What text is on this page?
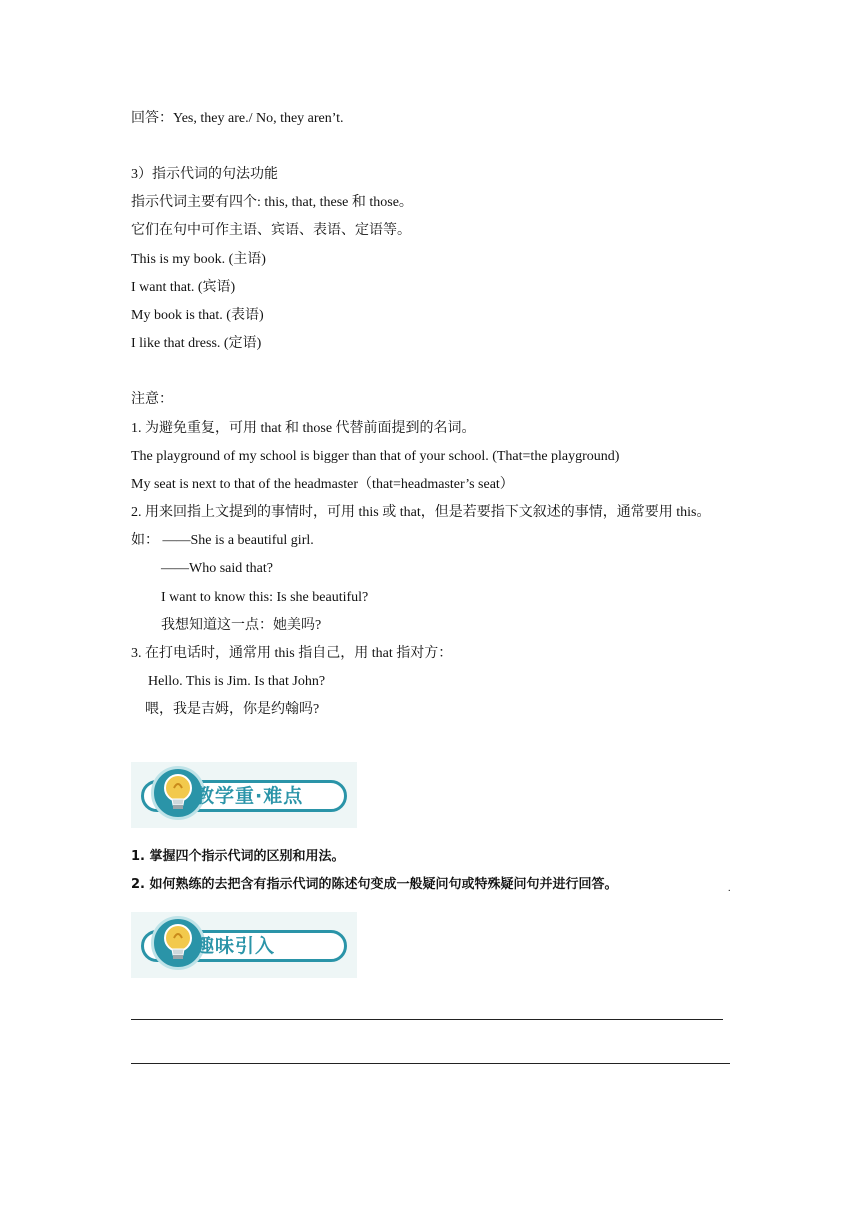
回答：Yes, they are./ No, they aren’t.
3）指示代词的句法功能
指示代词主要有四个: this, that, these 和 those。
它们在句中可作主语、宾语、表语、定语等。
This is my book. (主语)
I want that. (宾语)
My book is that. (表语)
I like that dress. (定语)
注意：
1. 为避免重复，可用 that 和 those 代替前面提到的名词。
The playground of my school is bigger than that of your school. (That=the playground)
My seat is next to that of the headmaster（that=headmaster’s seat）
2. 用来回指上文提到的事情时，可用 this 或 that，但是若要指下文叙述的事情，通常要用 this。
如： ——She is a beautiful girl.
——Who said that?
I want to know this: Is she beautiful?
我想知道这一点：她美吗?
3. 在打电话时，通常用 this 指自己，用 that 指对方：
Hello. This is Jim. Is that John?
喂，我是吉姆，你是约翰吗?
教学重·难点
1. 掌握四个指示代词的区别和用法。
2. 如何熟练的去把含有指示代词的陈述句变成一般疑问句或特殊疑问句并进行回答。	.
趣味引入
